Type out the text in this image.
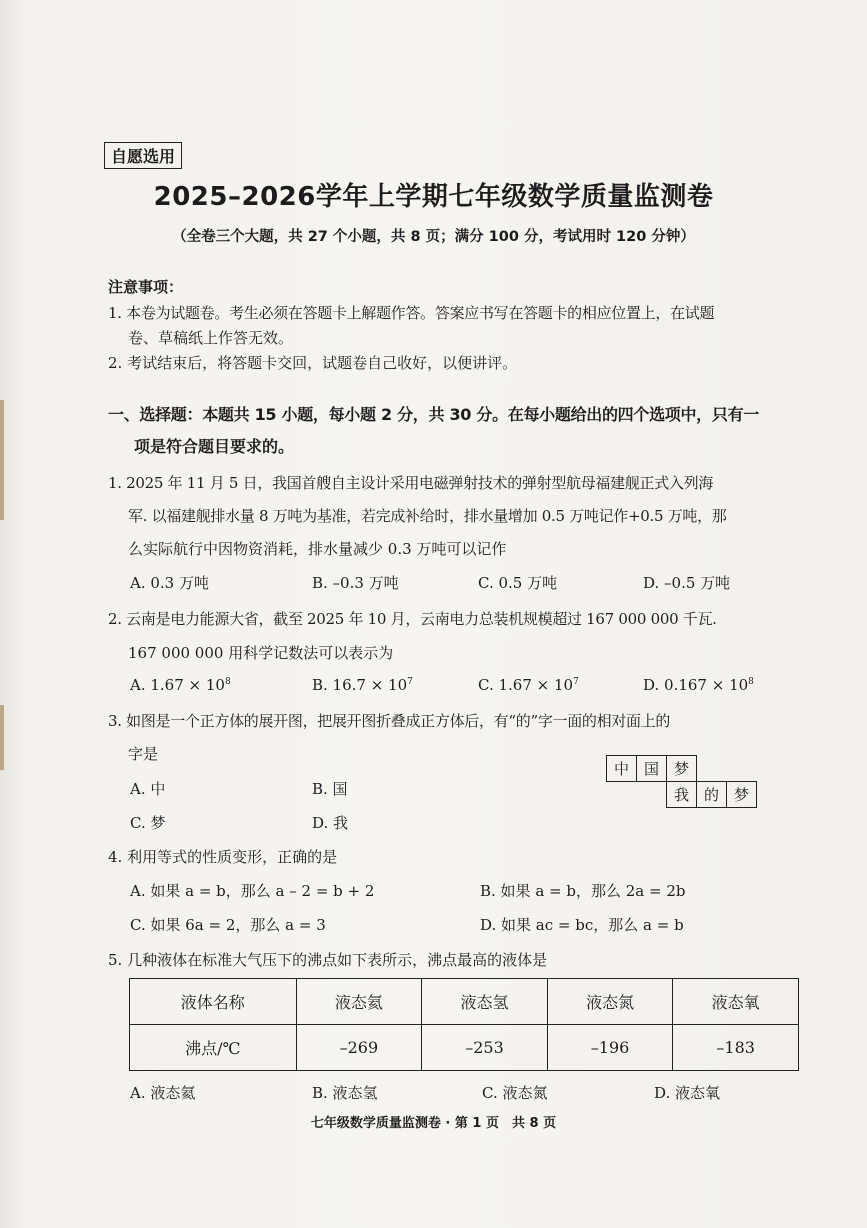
自愿选用
2025–2026学年上学期七年级数学质量监测卷
（全卷三个大题，共 27 个小题，共 8 页；满分 100 分，考试用时 120 分钟）
注意事项：
1. 本卷为试题卷。考生必须在答题卡上解题作答。答案应书写在答题卡的相应位置上，在试题
卷、草稿纸上作答无效。
2. 考试结束后，将答题卡交回，试题卷自己收好，以便讲评。
一、选择题：本题共 15 小题，每小题 2 分，共 30 分。在每小题给出的四个选项中，只有一
项是符合题目要求的。
1. 2025 年 11 月 5 日，我国首艘自主设计采用电磁弹射技术的弹射型航母福建舰正式入列海
军. 以福建舰排水量 8 万吨为基准，若完成补给时，排水量增加 0.5 万吨记作+0.5 万吨，那
么实际航行中因物资消耗，排水量减少 0.3 万吨可以记作
A. 0.3 万吨	B. –0.3 万吨	C. 0.5 万吨	D. –0.5 万吨
2. 云南是电力能源大省，截至 2025 年 10 月，云南电力总装机规模超过 167 000 000 千瓦.
167 000 000 用科学记数法可以表示为
A. $1.67 \times 10^8$	B. $16.7 \times 10^7$	C. $1.67 \times 10^7$	D. $0.167 \times 10^8$
3. 如图是一个正方体的展开图，把展开图折叠成正方体后，有“的”字一面的相对面上的
字是
A. 中	B. 国
C. 梦	D. 我
中	国	梦		
		我	的	梦
4. 利用等式的性质变形，正确的是
A. 如果 a = b，那么 a – 2 = b + 2	B. 如果 a = b，那么 2a = 2b
C. 如果 6a = 2，那么 a = 3	D. 如果 ac = bc，那么 a = b
5. 几种液体在标准大气压下的沸点如下表所示，沸点最高的液体是
液体名称	液态氦	液态氢	液态氮	液态氧
沸点/℃	–269	–253	–196	–183
A. 液态氦	B. 液态氢	C. 液态氮	D. 液态氧
七年级数学质量监测卷 · 第 1 页　共 8 页
